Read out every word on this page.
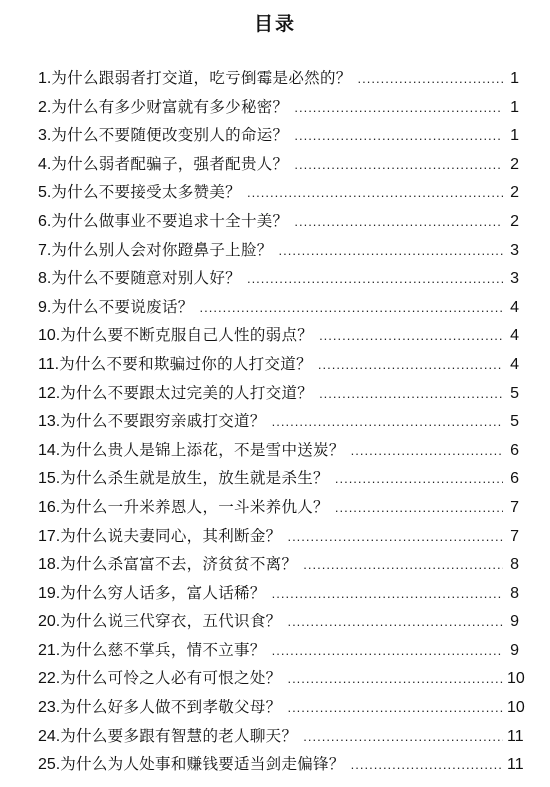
目录
1. 为什么跟弱者打交道，吃亏倒霉是必然的？ .....	1
2. 为什么有多少财富就有多少秘密？ .....	1
3. 为什么不要随便改变别人的命运？ .....	1
4. 为什么弱者配骗子，强者配贵人？ .....	2
5. 为什么不要接受太多赞美？ .....	2
6. 为什么做事业不要追求十全十美？ .....	2
7. 为什么别人会对你蹬鼻子上脸？ .....	3
8. 为什么不要随意对别人好？ .....	3
9. 为什么不要说废话？ .....	4
10. 为什么要不断克服自己人性的弱点？ .....	4
11. 为什么不要和欺骗过你的人打交道？ .....	4
12. 为什么不要跟太过完美的人打交道？ .....	5
13. 为什么不要跟穷亲戚打交道？ .....	5
14. 为什么贵人是锦上添花，不是雪中送炭？ .....	6
15. 为什么杀生就是放生，放生就是杀生？ .....	6
16. 为什么一升米养恩人，一斗米养仇人？ .....	7
17. 为什么说夫妻同心，其利断金？ .....	7
18. 为什么杀富富不去，济贫贫不离？ .....	8
19. 为什么穷人话多，富人话稀？ .....	8
20. 为什么说三代穿衣，五代识食？ .....	9
21. 为什么慈不掌兵，情不立事？ .....	9
22. 为什么可怜之人必有可恨之处？ .....	10
23. 为什么好多人做不到孝敬父母？ .....	10
24. 为什么要多跟有智慧的老人聊天？ .....	11
25. 为什么为人处事和赚钱要适当剑走偏锋？ .....	11
